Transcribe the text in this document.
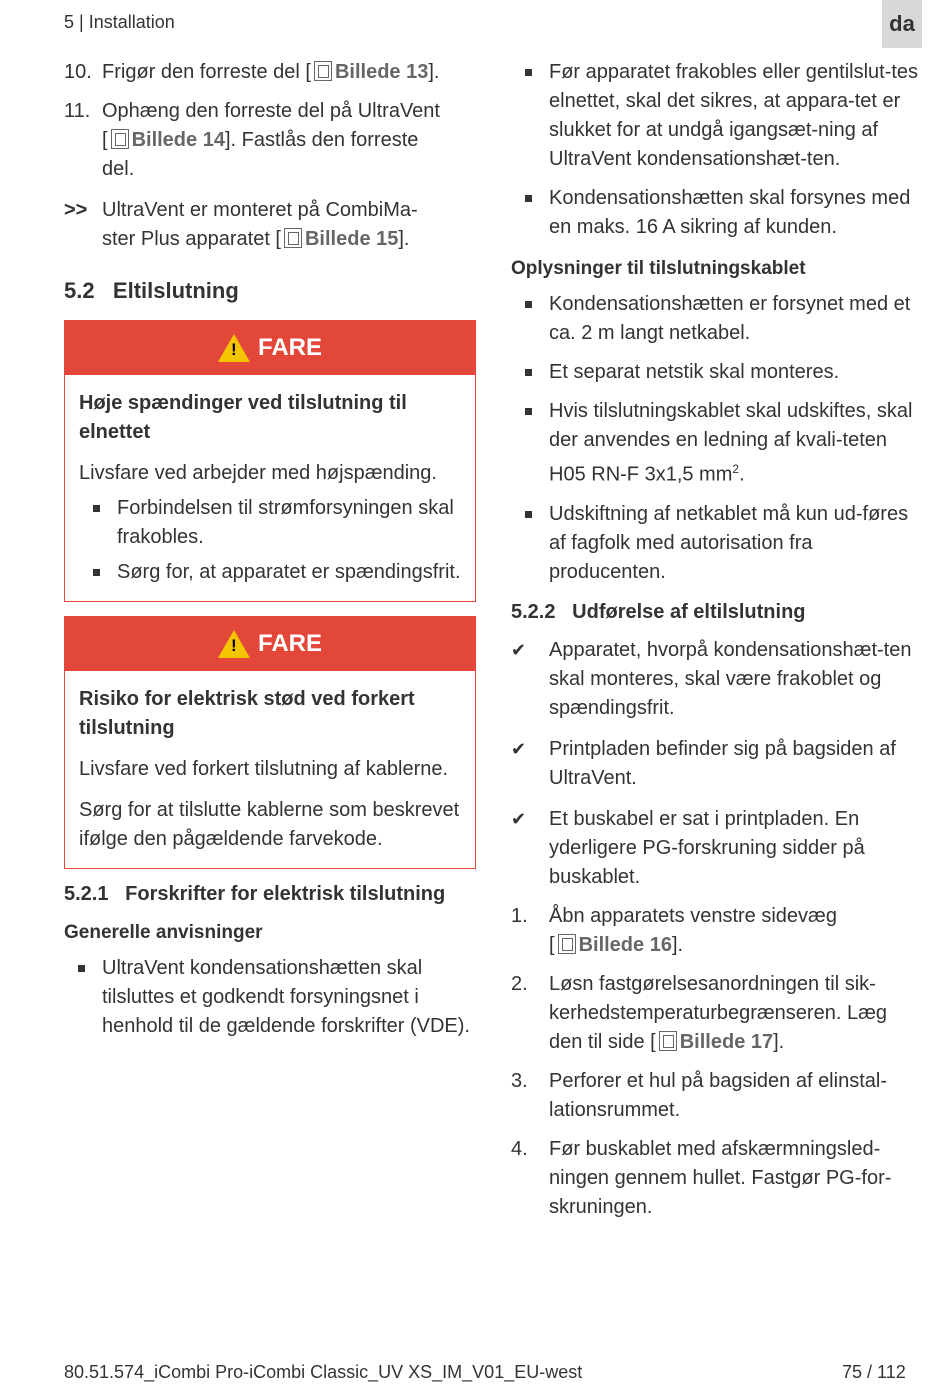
5 | Installation	da
10. Frigør den forreste del [ Billede 13].
11. Ophæng den forreste del på UltraVent
[ Billede 14]. Fastlås den forreste
del.
>> UltraVent er monteret på CombiMa-
ster Plus apparatet [ Billede 15].
5.2   Eltilslutning
! FARE

Høje spændinger ved tilslutning til elnettet

Livsfare ved arbejder med højspænding.

Forbindelsen til strømforsyningen skal frakobles.
Sørg for, at apparatet er spændingsfrit.
! FARE

Risiko for elektrisk stød ved forkert tilslutning

Livsfare ved forkert tilslutning af kablerne.

Sørg for at tilslutte kablerne som beskrevet ifølge den pågældende farvekode.

5.2.1   Forskrifter for elektrisk tilslutning
Generelle anvisninger
UltraVent kondensationshætten skal tilsluttes et godkendt forsyningsnet i henhold til de gældende forskrifter (VDE).
Før apparatet frakobles eller gentilslut-tes elnettet, skal det sikres, at appara-tet er slukket for at undgå igangsæt-ning af UltraVent kondensationshæt-ten.
Kondensationshætten skal forsynes med en maks. 16 A sikring af kunden.
Oplysninger til tilslutningskablet
Kondensationshætten er forsynet med et ca. 2 m langt netkabel.
Et separat netstik skal monteres.
Hvis tilslutningskablet skal udskiftes, skal der anvendes en ledning af kvali-teten H05 RN-F 3x1,5 $mm^2$.
Udskiftning af netkablet må kun ud-føres af fagfolk med autorisation fra producenten.
5.2.2   Udførelse af eltilslutning
✔	Apparatet, hvorpå kondensationshæt-ten skal monteres, skal være frakoblet og spændingsfrit.
✔	Printpladen befinder sig på bagsiden af UltraVent.
✔	Et buskabel er sat i printpladen. En yderligere PG-forskruning sidder på buskablet.
1.	Åbn apparatets venstre sidevæg
[ Billede 16].
2.	Løsn fastgørelsesanordningen til sik-
kerhedstemperaturbegrænseren. Læg
den til side [ Billede 17].
3.	Perforer et hul på bagsiden af elinstal-lationsrummet.
4.	Før buskablet med afskærmningsled-ningen gennem hullet. Fastgør PG-for-skruningen.
80.51.574_iCombi Pro-iCombi Classic_UV XS_IM_V01_EU-west	75 / 112
